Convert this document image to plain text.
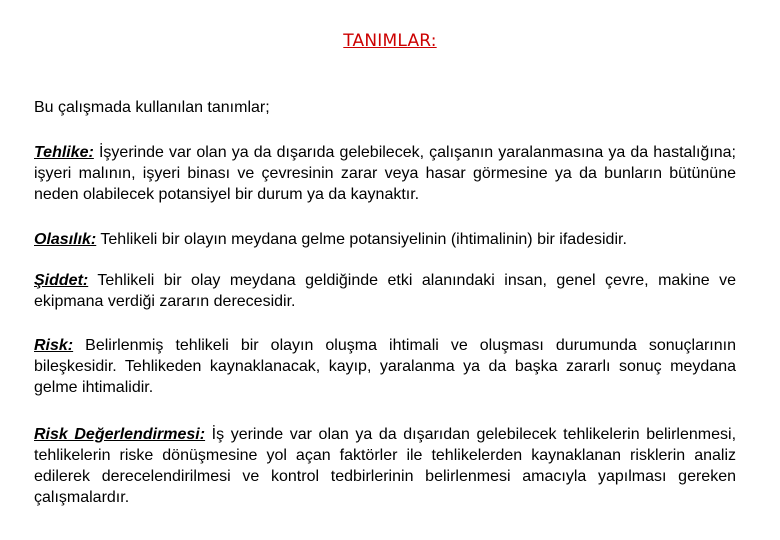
TANIMLAR:
Bu çalışmada kullanılan tanımlar;
Tehlike: İşyerinde var olan ya da dışarıda gelebilecek, çalışanın yaralanmasına ya da hastalığına; işyeri malının, işyeri binası ve çevresinin zarar veya hasar görmesine ya da bunların bütününe neden olabilecek potansiyel bir durum ya da kaynaktır.
Olasılık: Tehlikeli bir olayın meydana gelme potansiyelinin (ihtimalinin) bir ifadesidir.
Şiddet: Tehlikeli bir olay meydana geldiğinde etki alanındaki insan, genel çevre, makine ve ekipmana verdiği zararın derecesidir.
Risk: Belirlenmiş tehlikeli bir olayın oluşma ihtimali ve oluşması durumunda sonuçlarının bileşkesidir. Tehlikeden kaynaklanacak, kayıp, yaralanma ya da başka zararlı sonuç meydana gelme ihtimalidir.
Risk Değerlendirmesi: İş yerinde var olan ya da dışarıdan gelebilecek tehlikelerin belirlenmesi, tehlikelerin riske dönüşmesine yol açan faktörler ile tehlikelerden kaynaklanan risklerin analiz edilerek derecelendirilmesi ve kontrol tedbirlerinin belirlenmesi amacıyla yapılması gereken çalışmalardır.
